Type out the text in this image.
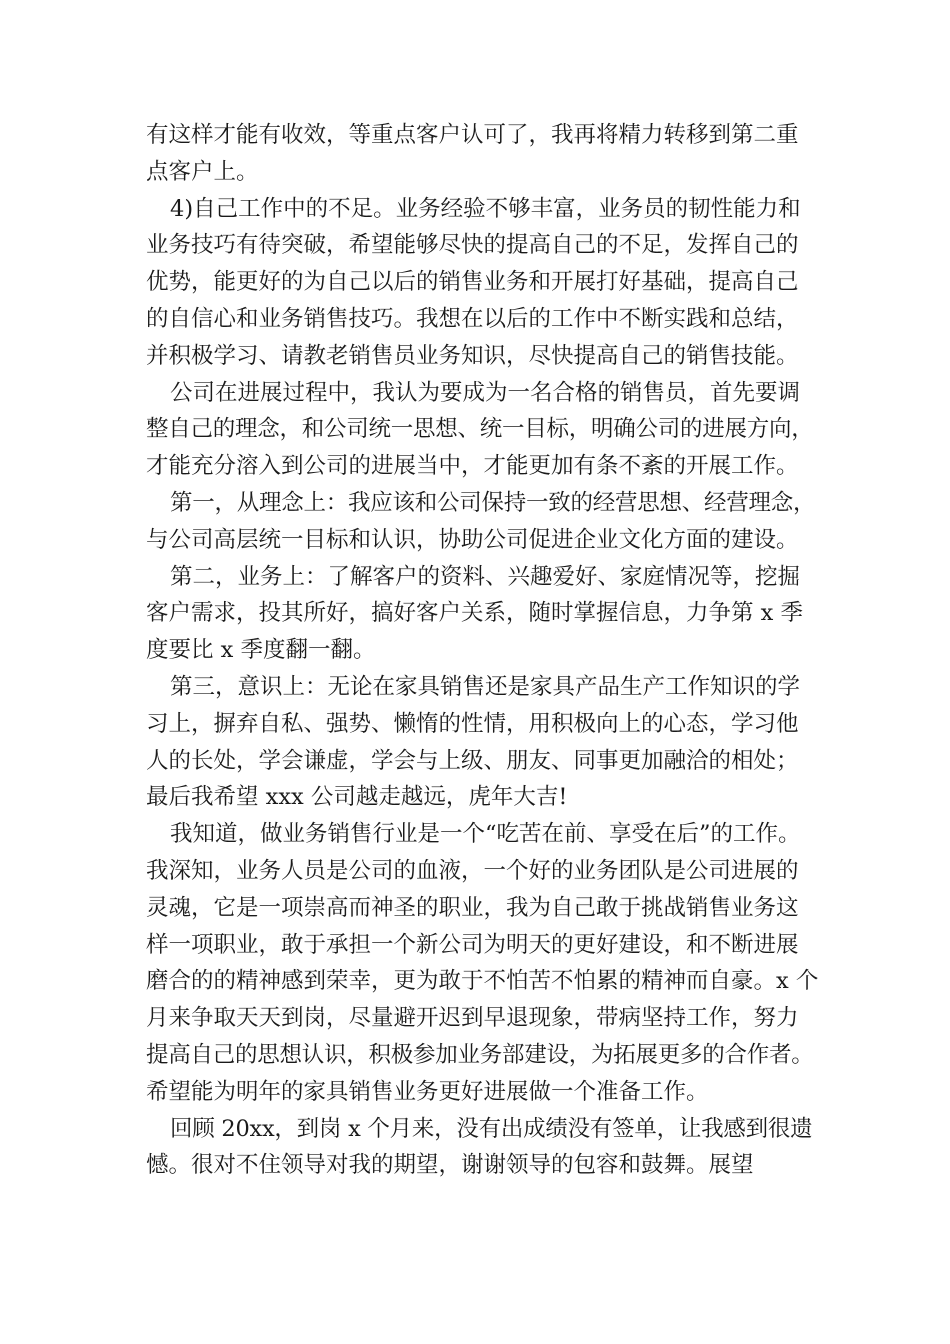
有这样才能有收效，等重点客户认可了，我再将精力转移到第二重
点客户上。
4)自己工作中的不足。业务经验不够丰富，业务员的韧性能力和
业务技巧有待突破，希望能够尽快的提高自己的不足，发挥自己的
优势，能更好的为自己以后的销售业务和开展打好基础，提高自己
的自信心和业务销售技巧。我想在以后的工作中不断实践和总结，
并积极学习、请教老销售员业务知识，尽快提高自己的销售技能。
公司在进展过程中，我认为要成为一名合格的销售员，首先要调
整自己的理念，和公司统一思想、统一目标，明确公司的进展方向，
才能充分溶入到公司的进展当中，才能更加有条不紊的开展工作。
第一，从理念上：我应该和公司保持一致的经营思想、经营理念，
与公司高层统一目标和认识，协助公司促进企业文化方面的建设。
第二，业务上：了解客户的资料、兴趣爱好、家庭情况等，挖掘
客户需求，投其所好，搞好客户关系，随时掌握信息，力争第 x 季
度要比 x 季度翻一翻。
第三，意识上：无论在家具销售还是家具产品生产工作知识的学
习上，摒弃自私、强势、懒惰的性情，用积极向上的心态，学习他
人的长处，学会谦虚，学会与上级、朋友、同事更加融洽的相处；
最后我希望 xxx 公司越走越远，虎年大吉!
我知道，做业务销售行业是一个“吃苦在前、享受在后”的工作。
我深知，业务人员是公司的血液，一个好的业务团队是公司进展的
灵魂，它是一项崇高而神圣的职业，我为自己敢于挑战销售业务这
样一项职业，敢于承担一个新公司为明天的更好建设，和不断进展
磨合的的精神感到荣幸，更为敢于不怕苦不怕累的精神而自豪。x 个
月来争取天天到岗，尽量避开迟到早退现象，带病坚持工作，努力
提高自己的思想认识，积极参加业务部建设，为拓展更多的合作者。
希望能为明年的家具销售业务更好进展做一个准备工作。
回顾 20xx，到岗 x 个月来，没有出成绩没有签单，让我感到很遗
憾。很对不住领导对我的期望，谢谢领导的包容和鼓舞。展望
